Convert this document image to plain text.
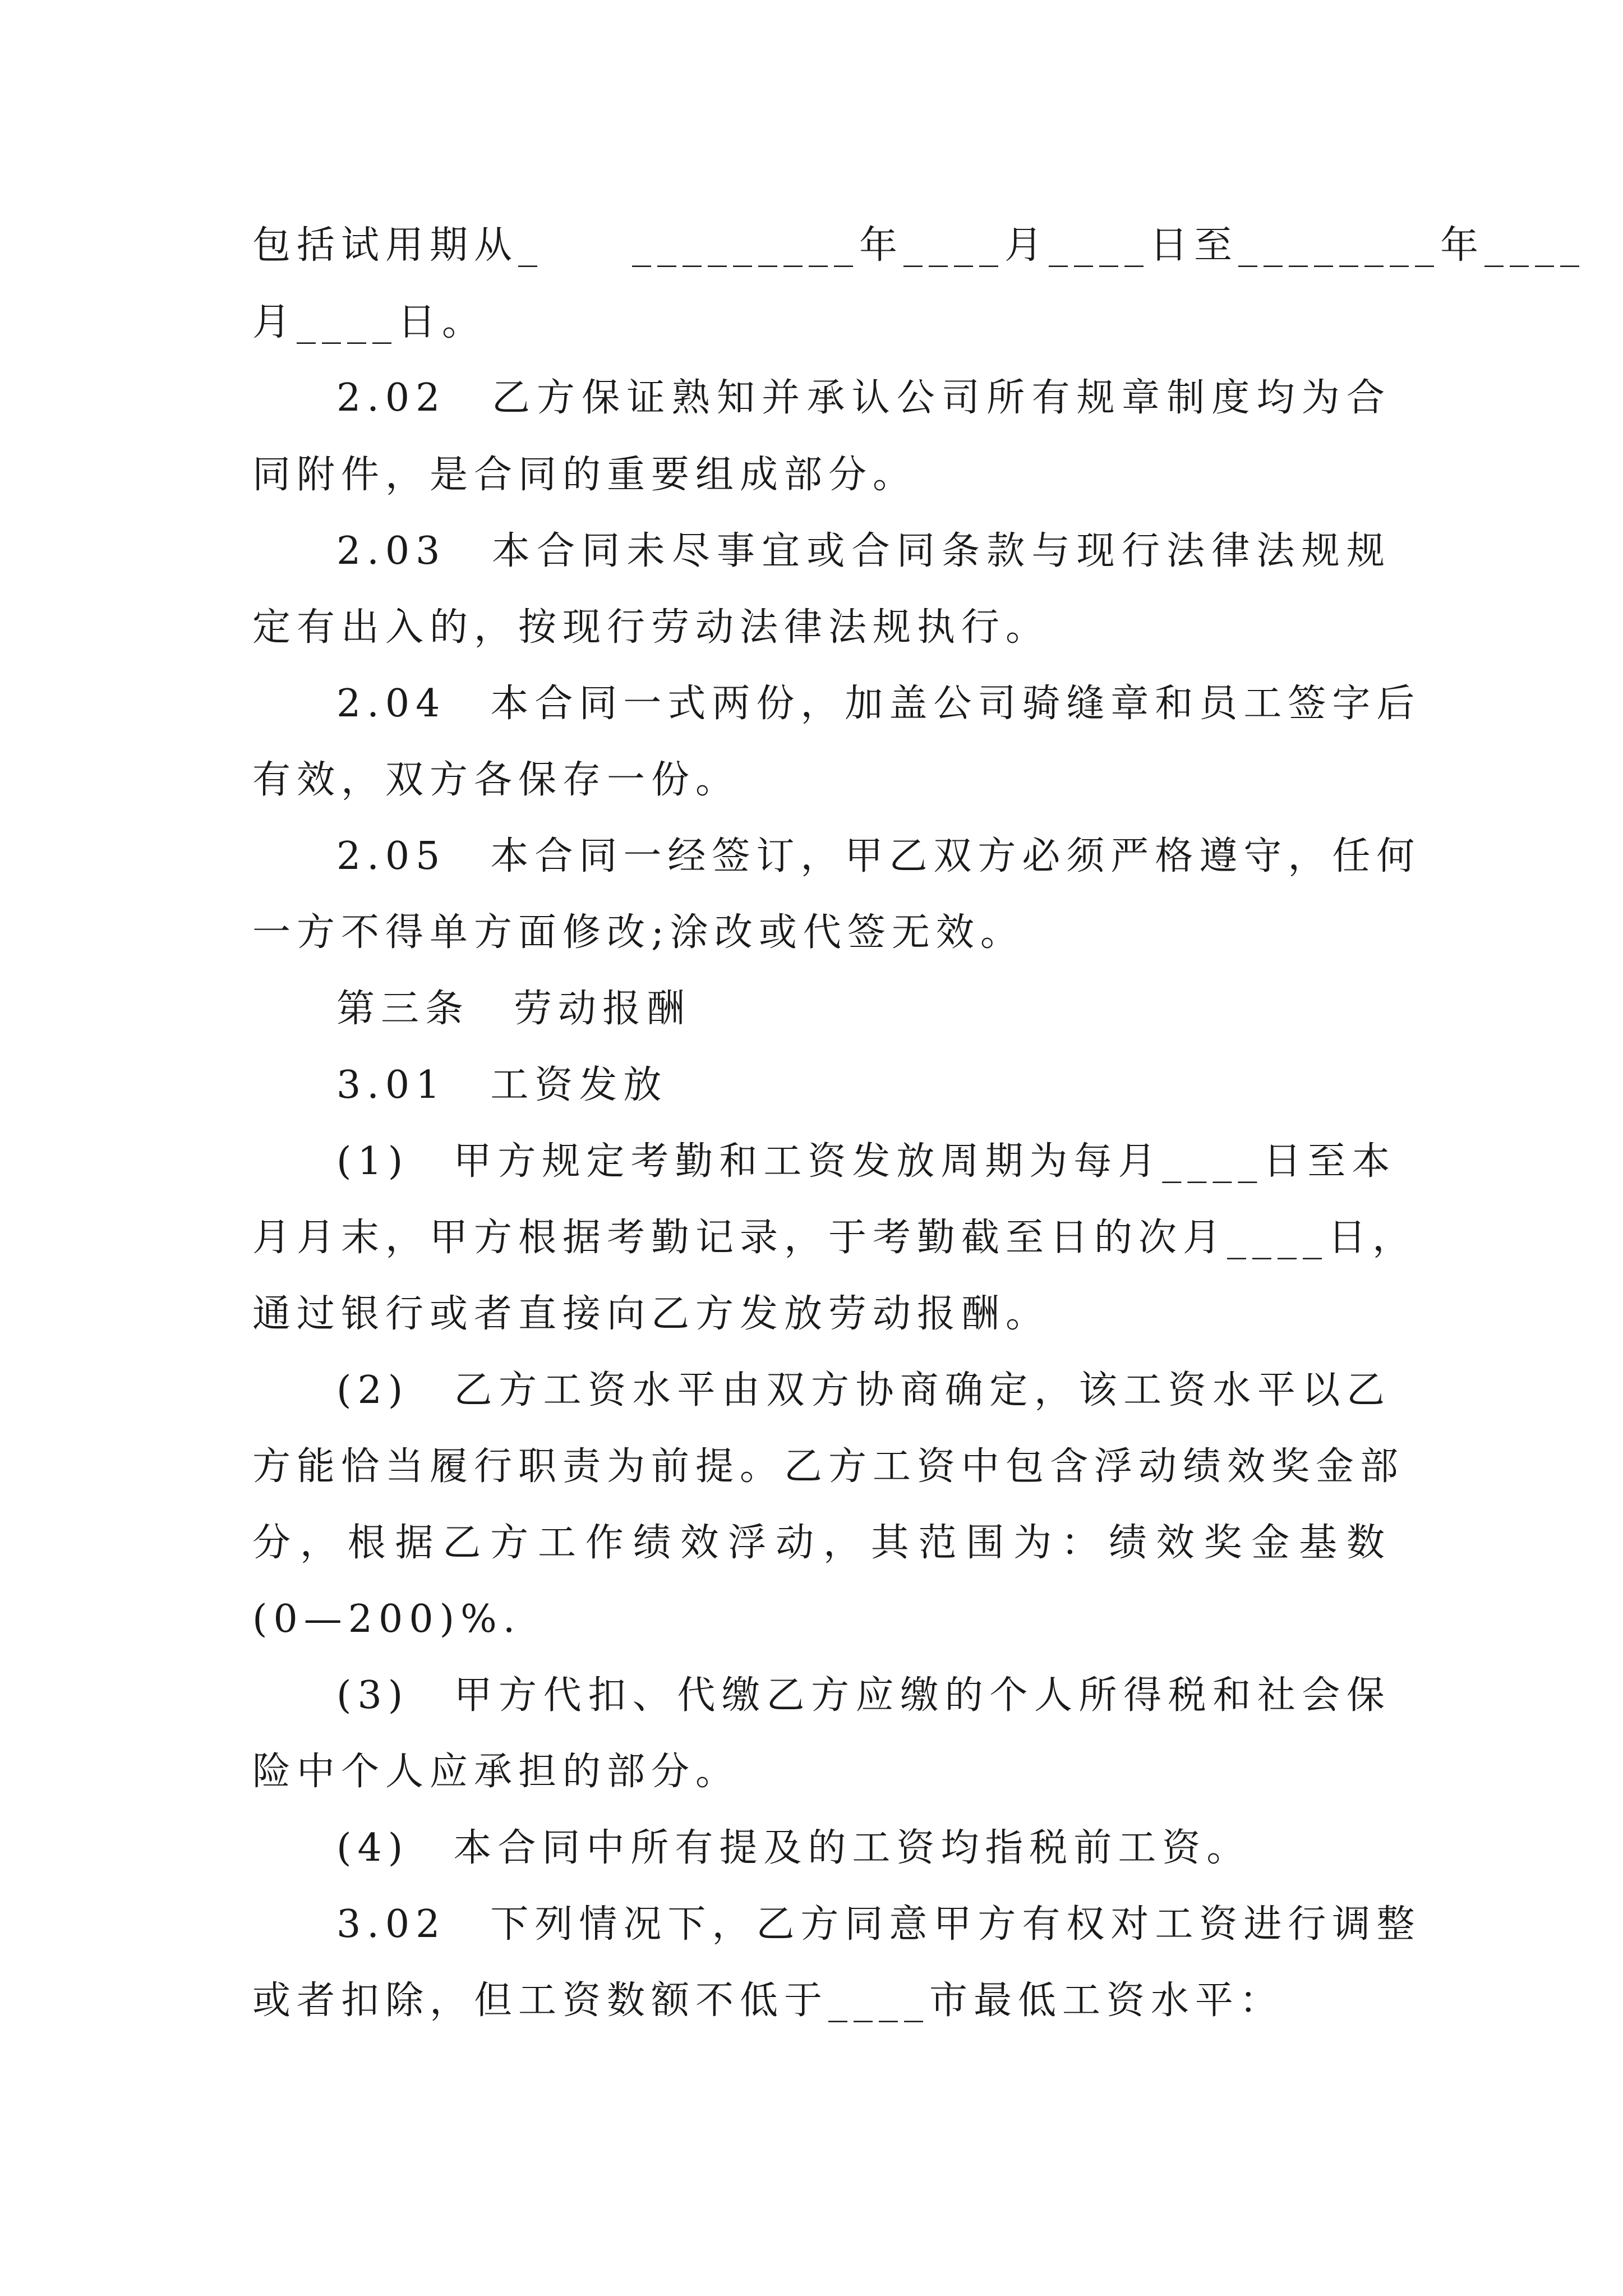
包括试用期从_　　_________年____月____日至________年____
月____日。
2.02　乙方保证熟知并承认公司所有规章制度均为合
同附件，是合同的重要组成部分。
2.03　本合同未尽事宜或合同条款与现行法律法规规
定有出入的，按现行劳动法律法规执行。
2.04　本合同一式两份，加盖公司骑缝章和员工签字后
有效，双方各保存一份。
2.05　本合同一经签订，甲乙双方必须严格遵守，任何
一方不得单方面修改;涂改或代签无效。
第三条　劳动报酬
3.01　工资发放
(1)　甲方规定考勤和工资发放周期为每月____日至本
月月末，甲方根据考勤记录，于考勤截至日的次月____日，
通过银行或者直接向乙方发放劳动报酬。
(2)　乙方工资水平由双方协商确定，该工资水平以乙
方能恰当履行职责为前提。乙方工资中包含浮动绩效奖金部
分，根据乙方工作绩效浮动，其范围为：绩效奖金基数
(0—200)%.
(3)　甲方代扣、代缴乙方应缴的个人所得税和社会保
险中个人应承担的部分。
(4)　本合同中所有提及的工资均指税前工资。
3.02　下列情况下，乙方同意甲方有权对工资进行调整
或者扣除，但工资数额不低于____市最低工资水平：
